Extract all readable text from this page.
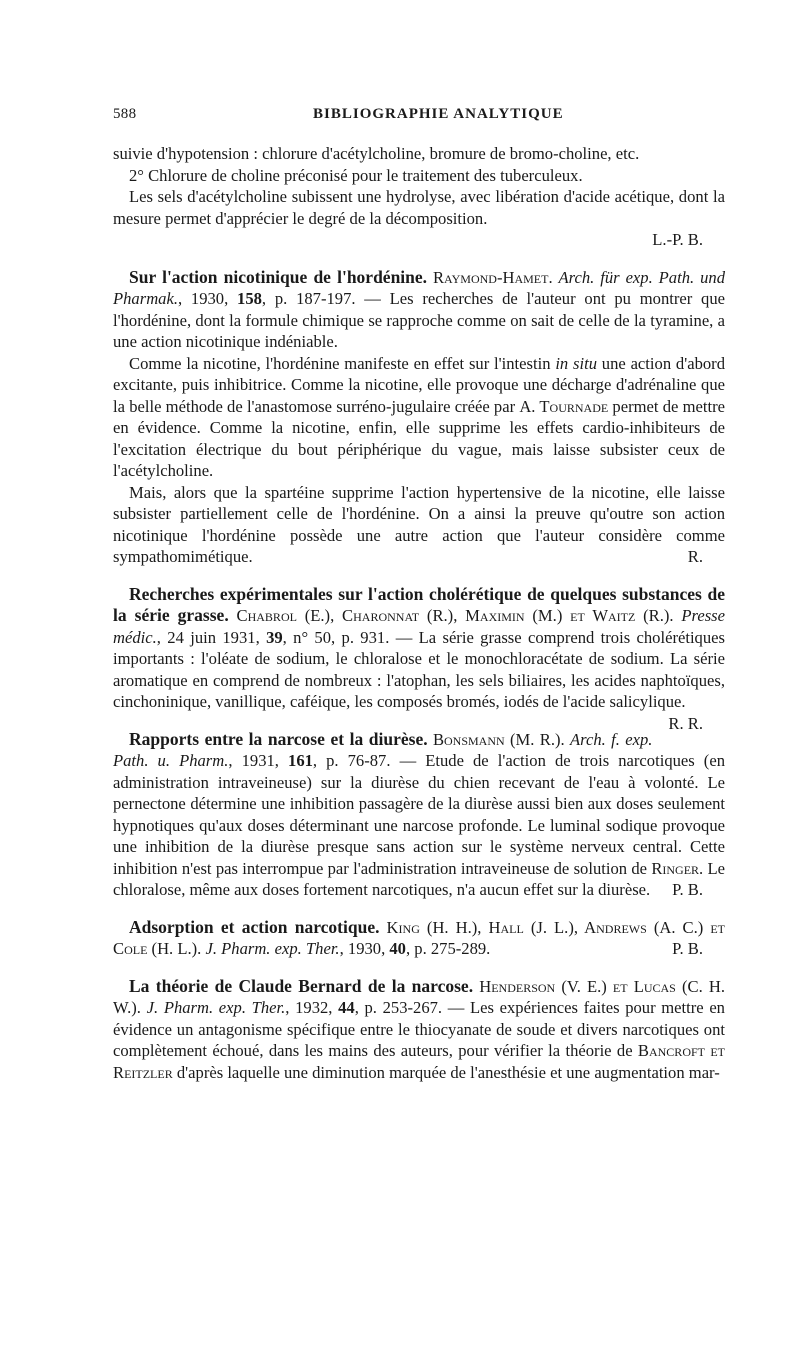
588	BIBLIOGRAPHIE ANALYTIQUE

suivie d'hypotension : chlorure d'acétylcholine, bromure de bromo-choline, etc.

2° Chlorure de choline préconisé pour le traitement des tuberculeux.

Les sels d'acétylcholine subissent une hydrolyse, avec libération d'acide acétique, dont la mesure permet d'apprécier le degré de la décomposition.

L.-P. B.

Sur l'action nicotinique de l'hordénine. Raymond-Hamet. Arch. für exp. Path. und Pharmak., 1930, 158, p. 187-197. — Les recherches de l'auteur ont pu montrer que l'hordénine, dont la formule chimique se rapproche comme on sait de celle de la tyramine, a une action nicotinique indéniable.

Comme la nicotine, l'hordénine manifeste en effet sur l'intestin in situ une action d'abord excitante, puis inhibitrice. Comme la nicotine, elle provoque une décharge d'adrénaline que la belle méthode de l'anastomose surréno-jugulaire créée par A. Tournade permet de mettre en évidence. Comme la nicotine, enfin, elle supprime les effets cardio-inhibiteurs de l'excitation électrique du bout périphérique du vague, mais laisse subsister ceux de l'acétylcholine.

Mais, alors que la spartéine supprime l'action hypertensive de la nicotine, elle laisse subsister partiellement celle de l'hordénine. On a ainsi la preuve qu'outre son action nicotinique l'hordénine possède une autre action que l'auteur considère comme sympathomimétique.	R.

Recherches expérimentales sur l'action cholérétique de quelques substances de la série grasse. Chabrol (E.), Charonnat (R.), Maximin (M.) et Waitz (R.). Presse médic., 24 juin 1931, 39, n° 50, p. 931. — La série grasse comprend trois cholérétiques importants : l'oléate de sodium, le chloralose et le monochloracétate de sodium. La série aromatique en comprend de nombreux : l'atophan, les sels biliaires, les acides naphtoïques, cinchoninique, vanillique, caféique, les composés bromés, iodés de l'acide salicylique.
R. R.

Rapports entre la narcose et la diurèse. Bonsmann (M. R.). Arch. f. exp. Path. u. Pharm., 1931, 161, p. 76-87. — Etude de l'action de trois narcotiques (en administration intraveineuse) sur la diurèse du chien recevant de l'eau à volonté. Le pernectone détermine une inhibition passagère de la diurèse aussi bien aux doses seulement hypnotiques qu'aux doses déterminant une narcose profonde. Le luminal sodique provoque une inhibition de la diurèse presque sans action sur le système nerveux central. Cette inhibition n'est pas interrompue par l'administration intraveineuse de solution de Ringer. Le chloralose, même aux doses fortement narcotiques, n'a aucun effet sur la diurèse.	P. B.

Adsorption et action narcotique. King (H. H.), Hall (J. L.), Andrews (A. C.) et Cole (H. L.). J. Pharm. exp. Ther., 1930, 40, p. 275-289.	P. B.

La théorie de Claude Bernard de la narcose. Henderson (V. E.) et Lucas (C. H. W.). J. Pharm. exp. Ther., 1932, 44, p. 253-267. — Les expériences faites pour mettre en évidence un antagonisme spécifique entre le thiocyanate de soude et divers narcotiques ont complètement échoué, dans les mains des auteurs, pour vérifier la théorie de Bancroft et Reitzler d'après laquelle une diminution marquée de l'anesthésie et une augmentation mar-
